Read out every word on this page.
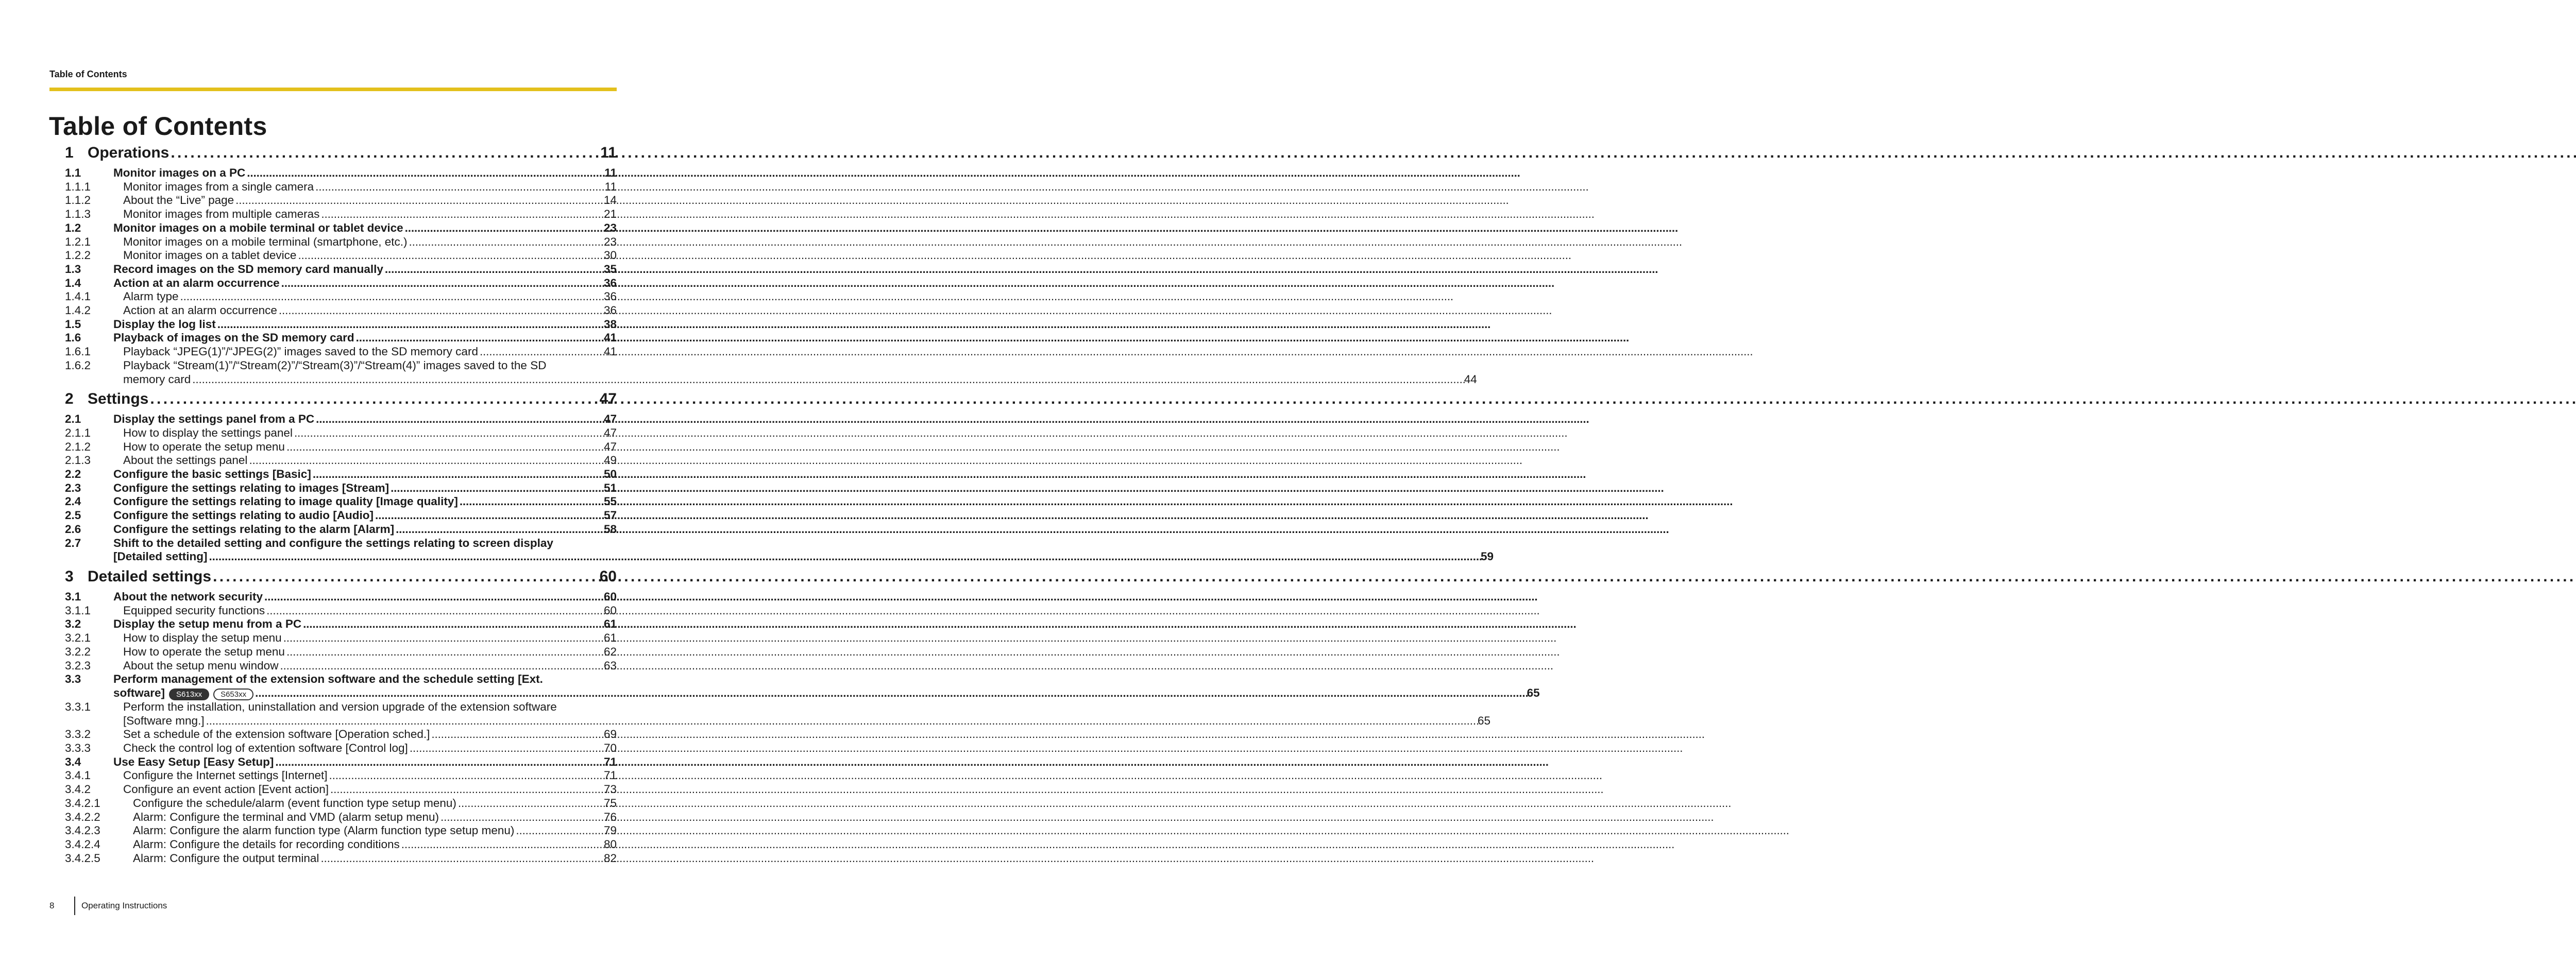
Table of Contents
Table of Contents
1 Operations . . .	11
1.1	Monitor images on a PC . . .	11
1.1.1	Monitor images from a single camera . . .	11
1.1.2	About the “Live” page . . .	14
1.1.3	Monitor images from multiple cameras . . .	21
1.2	Monitor images on a mobile terminal or tablet device . . .	23
1.2.1	Monitor images on a mobile terminal (smartphone, etc.) . . .	23
1.2.2	Monitor images on a tablet device . . .	30
1.3	Record images on the SD memory card manually . . .	35
1.4	Action at an alarm occurrence . . .	36
1.4.1	Alarm type . . .	36
1.4.2	Action at an alarm occurrence . . .	36
1.5	Display the log list . . .	38
1.6	Playback of images on the SD memory card . . .	41
1.6.1	Playback “JPEG(1)”/“JPEG(2)” images saved to the SD memory card . . .	41
1.6.2	Playback “Stream(1)”/“Stream(2)”/“Stream(3)”/“Stream(4)” images saved to the SD
memory card . . .	44
2 Settings . . .	47
2.1	Display the settings panel from a PC . . .	47
2.1.1	How to display the settings panel . . .	47
2.1.2	How to operate the setup menu . . .	47
2.1.3	About the settings panel . . .	49
2.2	Configure the basic settings [Basic] . . .	50
2.3	Configure the settings relating to images [Stream] . . .	51
2.4	Configure the settings relating to image quality [Image quality] . . .	55
2.5	Configure the settings relating to audio [Audio] . . .	57
2.6	Configure the settings relating to the alarm [Alarm] . . .	58
2.7	Shift to the detailed setting and configure the settings relating to screen display
[Detailed setting] . . .	59
3 Detailed settings . . .	60
3.1	About the network security . . .	60
3.1.1	Equipped security functions . . .	60
3.2	Display the setup menu from a PC . . .	61
3.2.1	How to display the setup menu . . .	61
3.2.2	How to operate the setup menu . . .	62
3.2.3	About the setup menu window . . .	63
3.3	Perform management of the extension software and the schedule setting [Ext.
software]	S613xx	S653xx . . .	65
3.3.1	Perform the installation, uninstallation and version upgrade of the extension software
[Software mng.] . . .	65
3.3.2	Set a schedule of the extension software [Operation sched.] . . .	69
3.3.3	Check the control log of extention software [Control log] . . .	70
3.4	Use Easy Setup [Easy Setup] . . .	71
3.4.1	Configure the Internet settings [Internet] . . .	71
3.4.2	Configure an event action [Event action] . . .	73
3.4.2.1	Configure the schedule/alarm (event function type setup menu) . . .	75
3.4.2.2	Alarm: Configure the terminal and VMD (alarm setup menu) . . .	76
3.4.2.3	Alarm: Configure the alarm function type (Alarm function type setup menu) . . .	79
3.4.2.4	Alarm: Configure the details for recording conditions . . .	80
3.4.2.5	Alarm: Configure the output terminal . . .	82
8	Operating Instructions
